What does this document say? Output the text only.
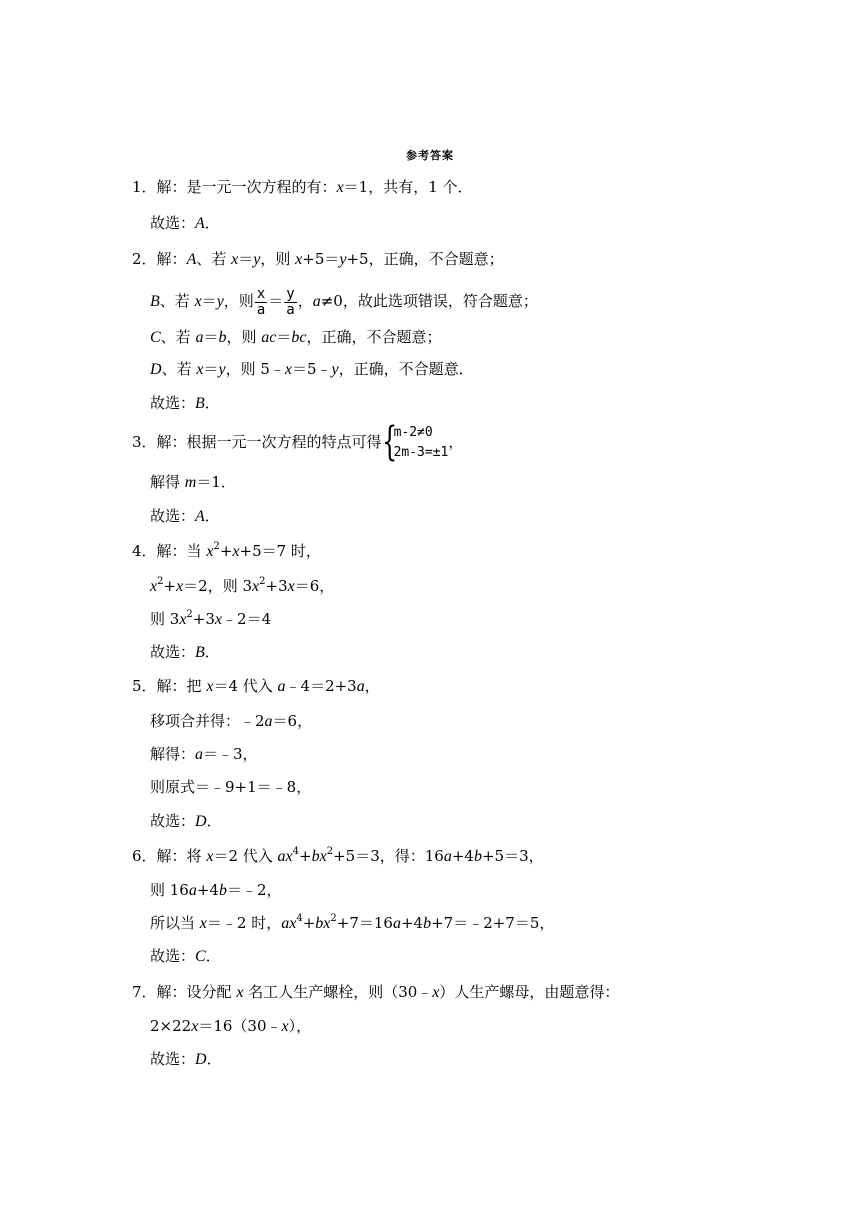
参考答案
1．解：是一元一次方程的有：x＝1，共有，1 个．
故选：A．
2．解：A、若 x＝y，则 x+5＝y+5，正确，不合题意；
B、若 x＝y，则 $\frac{x}{a} = \frac{y}{a}$ ，a≠0，故此选项错误，符合题意；
C、若 a＝b，则 ac＝bc，正确，不合题意；
D、若 x＝y，则 5﹣x＝5﹣y，正确，不合题意．
故选：B．
3．解：根据一元一次方程的特点可得 {
m-2≠0
2m-3=±1
，
解得 m＝1．
故选：A．
4．解：当 $x^2+x+5=7$ 时，
$x^2+x=2$，则 $3x^2+3x=6$，
则 $3x^2+3x﹣2=4$
故选：B．
5．解：把 x＝4 代入 a﹣4＝2+3a，
移项合并得：﹣2a＝6，
解得：a＝﹣3，
则原式＝﹣9+1＝﹣8，
故选：D．
6．解：将 x＝2 代入 $ax^4+bx^2+5=3$，得：16a+4b+5＝3，
则 16a+4b＝﹣2，
所以当 x＝﹣2 时，$ax^4+bx^2+7=16a+4b+7=﹣2+7=5$，
故选：C．
7．解：设分配 x 名工人生产螺栓，则（30﹣x）人生产螺母，由题意得：
2×22x＝16（30﹣x），
故选：D．
